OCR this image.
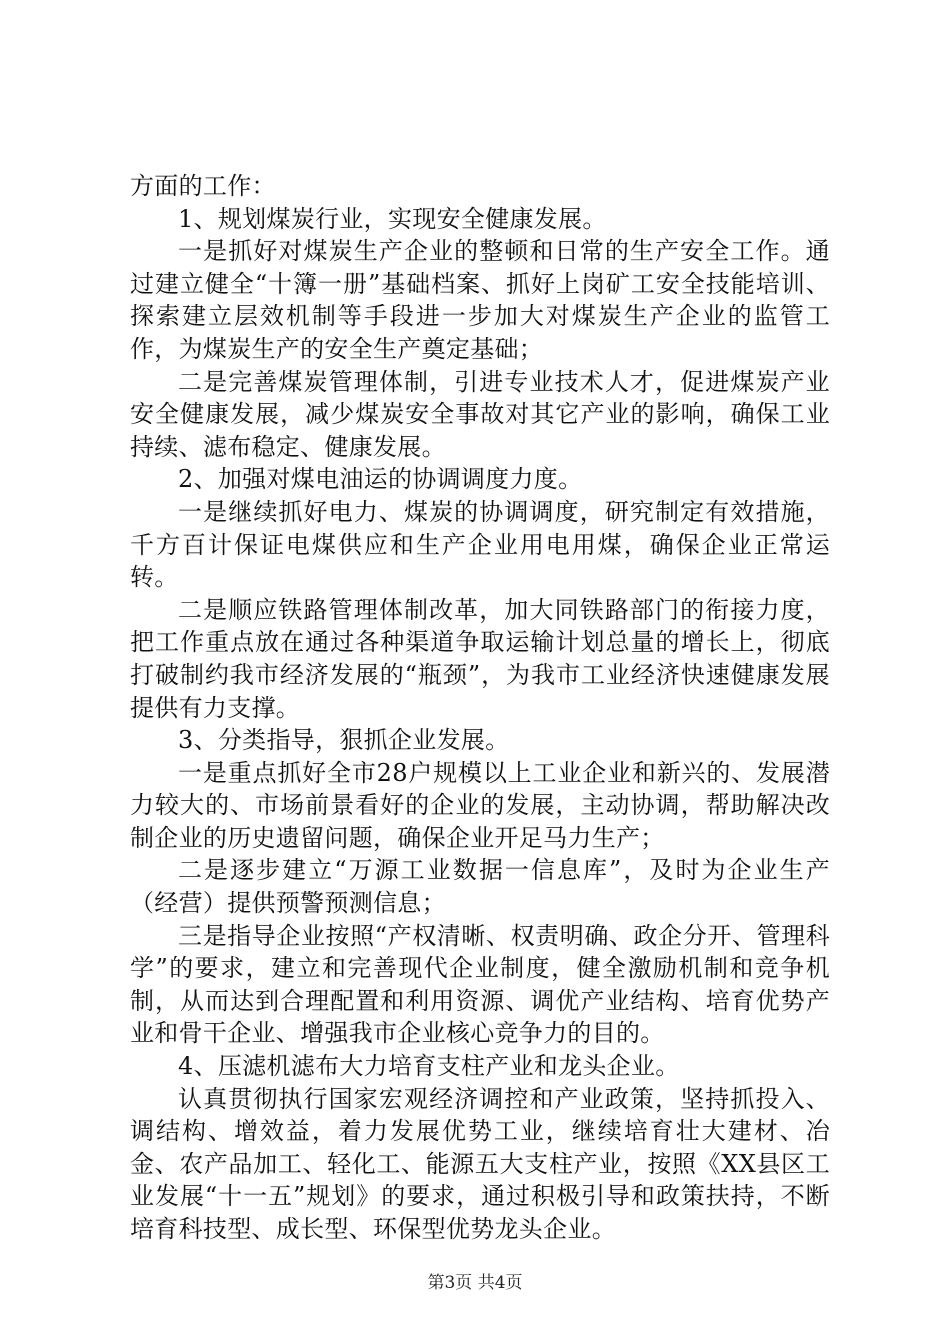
方面的工作：

1、规划煤炭行业，实现安全健康发展。

一是抓好对煤炭生产企业的整顿和日常的生产安全工作。通过建立健全“十簿一册”基础档案、抓好上岗矿工安全技能培训、探索建立层效机制等手段进一步加大对煤炭生产企业的监管工作，为煤炭生产的安全生产奠定基础；

二是完善煤炭管理体制，引进专业技术人才，促进煤炭产业安全健康发展，减少煤炭安全事故对其它产业的影响，确保工业持续、滤布稳定、健康发展。

2、加强对煤电油运的协调调度力度。

一是继续抓好电力、煤炭的协调调度，研究制定有效措施，千方百计保证电煤供应和生产企业用电用煤，确保企业正常运转。

二是顺应铁路管理体制改革，加大同铁路部门的衔接力度，把工作重点放在通过各种渠道争取运输计划总量的增长上，彻底打破制约我市经济发展的“瓶颈”，为我市工业经济快速健康发展提供有力支撑。

3、分类指导，狠抓企业发展。

一是重点抓好全市28户规模以上工业企业和新兴的、发展潜力较大的、市场前景看好的企业的发展，主动协调，帮助解决改制企业的历史遗留问题，确保企业开足马力生产；

二是逐步建立“万源工业数据一信息库”，及时为企业生产（经营）提供预警预测信息；

三是指导企业按照“产权清晰、权责明确、政企分开、管理科学”的要求，建立和完善现代企业制度，健全激励机制和竞争机制，从而达到合理配置和利用资源、调优产业结构、培育优势产业和骨干企业、增强我市企业核心竞争力的目的。

4、压滤机滤布大力培育支柱产业和龙头企业。

认真贯彻执行国家宏观经济调控和产业政策，坚持抓投入、调结构、增效益，着力发展优势工业，继续培育壮大建材、冶金、农产品加工、轻化工、能源五大支柱产业，按照《XX县区工业发展“十一五”规划》的要求，通过积极引导和政策扶持，不断培育科技型、成长型、环保型优势龙头企业。

第3页 共4页
